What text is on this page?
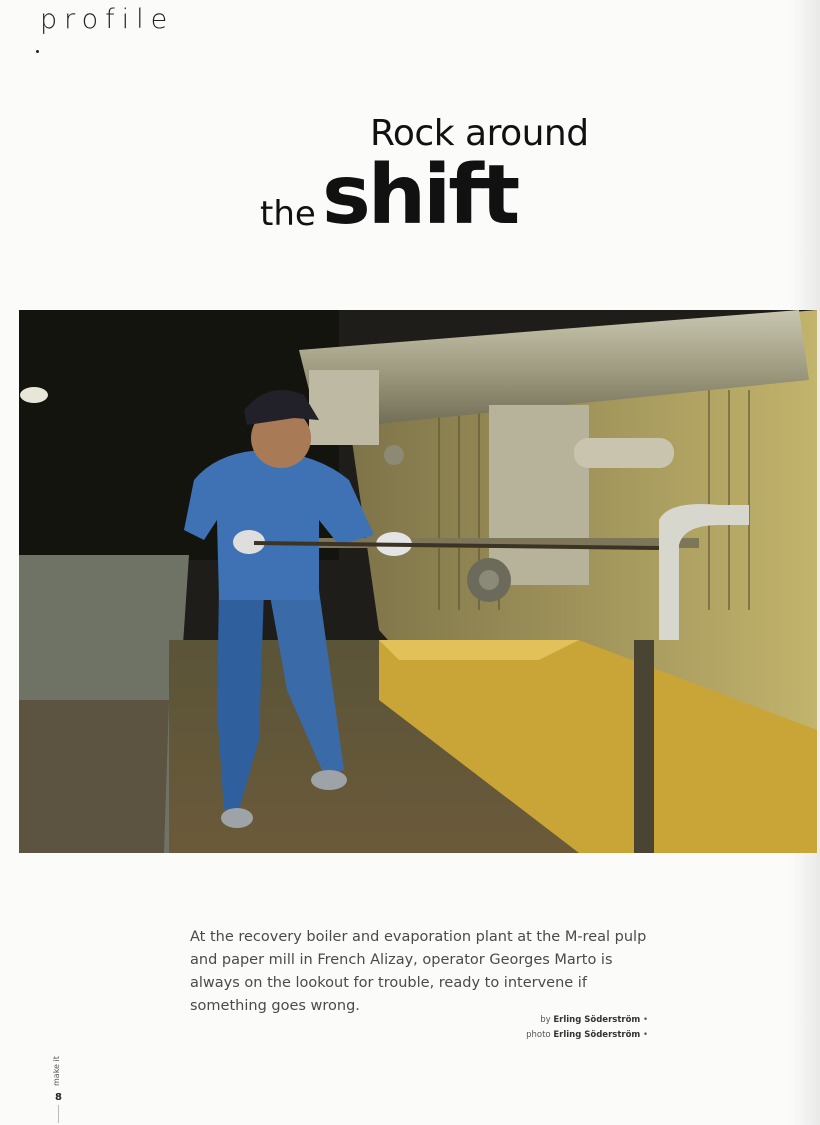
profile
Rock around
the shift
At the recovery boiler and evaporation plant at the M-real pulp and paper mill in French Alizay, operator Georges Marto is always on the lookout for trouble, ready to intervene if something goes wrong.
by Erling Söderström •
photo Erling Söderström •
make it
8
